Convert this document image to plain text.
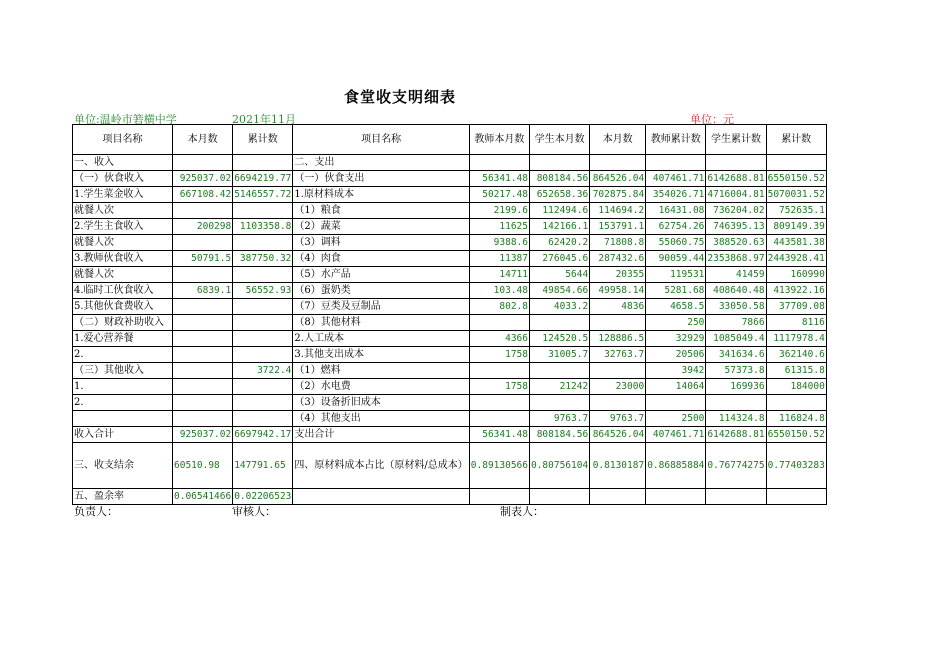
食堂收支明细表
单位:温岭市箬横中学	2021年11月	单位：元
项目名称	本月数	累计数	项目名称	教师本月数	学生本月数	本月数	教师累计数	学生累计数	累计数
一、收入			二、支出						
（一）伙食收入	925037.02	6694219.77	（一）伙食支出	56341.48	808184.56	864526.04	407461.71	6142688.81	6550150.52
1.学生菜金收入	667108.42	5146557.72	1.原材料成本	50217.48	652658.36	702875.84	354026.71	4716004.81	5070031.52
就餐人次			（1）粮食	2199.6	112494.6	114694.2	16431.08	736204.02	752635.1
2.学生主食收入	200298	1103358.8	（2）蔬菜	11625	142166.1	153791.1	62754.26	746395.13	809149.39
就餐人次			（3）调料	9388.6	62420.2	71808.8	55060.75	388520.63	443581.38
3.教师伙食收入	50791.5	387750.32	（4）肉食	11387	276045.6	287432.6	90059.44	2353868.97	2443928.41
就餐人次			（5）水产品	14711	5644	20355	119531	41459	160990
4.临时工伙食收入	6839.1	56552.93	（6）蛋奶类	103.48	49854.66	49958.14	5281.68	408640.48	413922.16
5.其他伙食费收入			（7）豆类及豆制品	802.8	4033.2	4836	4658.5	33050.58	37709.08
（二）财政补助收入			（8）其他材料				250	7866	8116
1.爱心营养餐			2.人工成本	4366	124520.5	128886.5	32929	1085049.4	1117978.4
2.			3.其他支出成本	1758	31005.7	32763.7	20506	341634.6	362140.6
（三）其他收入		3722.4	（1）燃料				3942	57373.8	61315.8
1.			（2）水电费	1758	21242	23000	14064	169936	184000
2.			（3）设备折旧成本						
			（4）其他支出		9763.7	9763.7	2500	114324.8	116824.8
收入合计	925037.02	6697942.17	支出合计	56341.48	808184.56	864526.04	407461.71	6142688.81	6550150.52
三、收支结余	60510.98	147791.65	四、原材料成本占比（原材料/总成本）	0.89130566	0.80756104	0.8130187	0.86885884	0.76774275	0.77403283
五、盈余率	0.06541466	0.02206523							
负责人：	审核人：	制表人：
